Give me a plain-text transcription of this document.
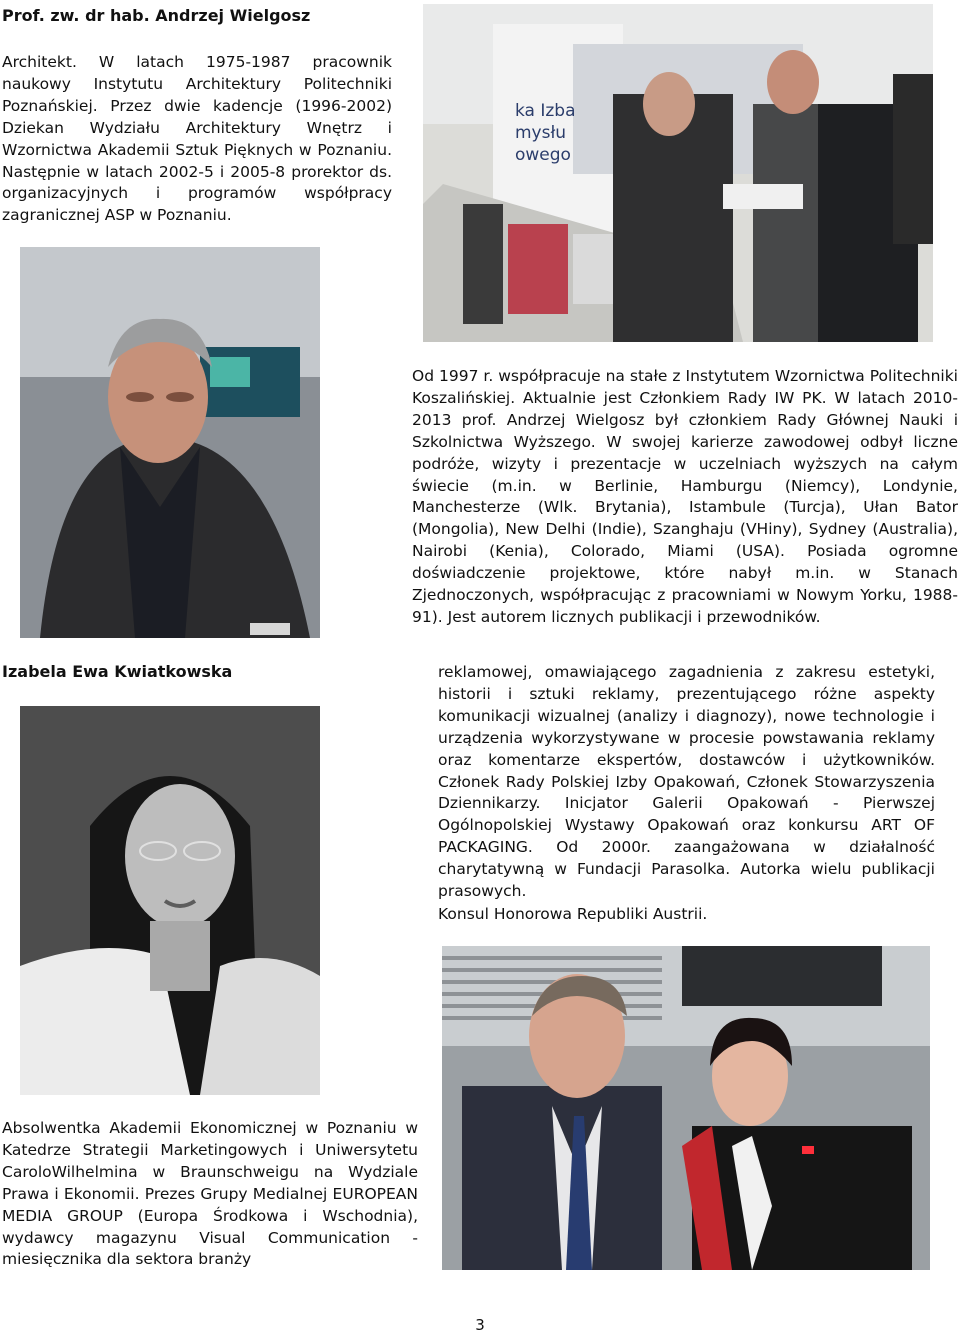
Prof. zw. dr hab. Andrzej Wielgosz
Architekt. W latach 1975-1987 pracownik naukowy Instytutu Architektury Politechniki Poznańskiej. Przez dwie kadencje (1996-2002) Dziekan Wydziału Architektury Wnętrz i Wzornictwa Akademii Sztuk Pięknych w Poznaniu. Następnie w latach 2002-5 i 2005-8 prorektor ds. organizacyjnych i programów współpracy zagranicznej ASP w Poznaniu.
ka Izba mysłu owego
Od 1997 r. współpracuje na stałe z Instytutem Wzornictwa Politechniki Koszalińskiej. Aktualnie jest Członkiem Rady IW PK. W latach 2010-2013 prof. Andrzej Wielgosz był członkiem Rady Głównej Nauki i Szkolnictwa Wyższego. W swojej karierze zawodowej odbył liczne podróże, wizyty i prezentacje w uczelniach wyższych na całym świecie (m.in. w Berlinie, Hamburgu (Niemcy), Londynie, Manchesterze (Wlk. Brytania), Istambule (Turcja), Ułan Bator (Mongolia), New Delhi (Indie), Szanghaju (VHiny), Sydney (Australia), Nairobi (Kenia), Colorado, Miami (USA). Posiada ogromne doświadczenie projektowe, które nabył m.in. w Stanach Zjednoczonych, współpracując z pracowniami w Nowym Yorku, 1988-91). Jest autorem licznych publikacji i przewodników.
Izabela Ewa Kwiatkowska	reklamowej, omawiającego zagadnienia z zakresu estetyki, historii i sztuki reklamy, prezentującego różne aspekty komunikacji wizualnej (analizy i diagnozy), nowe technologie i urządzenia wykorzystywane w procesie powstawania reklamy oraz komentarze ekspertów, dostawców i użytkowników. Członek Rady Polskiej Izby Opakowań, Członek Stowarzyszenia Dziennikarzy. Inicjator Galerii Opakowań - Pierwszej Ogólnopolskiej Wystawy Opakowań oraz konkursu ART OF PACKAGING. Od 2000r. zaangażowana w działalność charytatywną w Fundacji Parasolka. Autorka wielu publikacji prasowych.
Konsul Honorowa Republiki Austrii.
Absolwentka Akademii Ekonomicznej w Poznaniu w Katedrze Strategii Marketingowych i Uniwersytetu CaroloWilhelmina w Braunschweigu na Wydziale Prawa i Ekonomii. Prezes Grupy Medialnej EUROPEAN MEDIA GROUP (Europa Środkowa i Wschodnia), wydawcy magazynu Visual Communication - miesięcznika dla sektora branży
3
